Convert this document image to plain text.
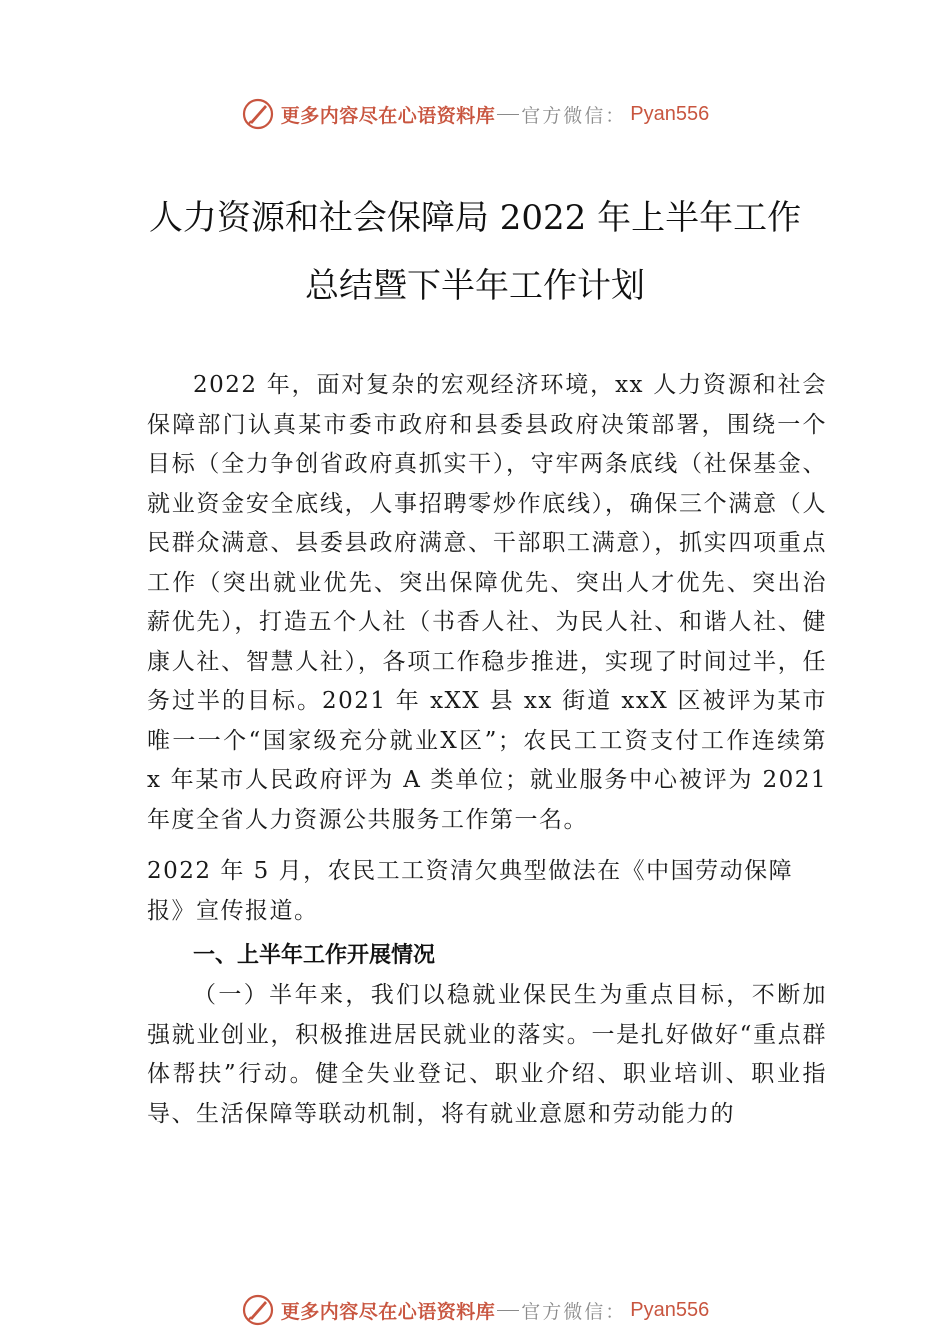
更多内容尽在心语资料库 官方微信： Pyan556
人力资源和社会保障局 2022 年上半年工作
总结暨下半年工作计划
2022 年，面对复杂的宏观经济环境，xx 人力资源和社会保障部门认真某市委市政府和县委县政府决策部署，围绕一个目标（全力争创省政府真抓实干），守牢两条底线（社保基金、就业资金安全底线，人事招聘零炒作底线），确保三个满意（人民群众满意、县委县政府满意、干部职工满意），抓实四项重点工作（突出就业优先、突出保障优先、突出人才优先、突出治薪优先），打造五个人社（书香人社、为民人社、和谐人社、健康人社、智慧人社），各项工作稳步推进，实现了时间过半，任务过半的目标。2021 年 xXX 县 xx 街道 xxX 区被评为某市唯一一个“国家级充分就业Ⅹ区”；农民工工资支付工作连续第 x 年某市人民政府评为 A 类单位；就业服务中心被评为 2021 年度全省人力资源公共服务工作第一名。
2022 年 5 月，农民工工资清欠典型做法在《中国劳动保障报》宣传报道。
一、上半年工作开展情况
（一）半年来，我们以稳就业保民生为重点目标，不断加强就业创业，积极推进居民就业的落实。一是扎好做好“重点群体帮扶”行动。健全失业登记、职业介绍、职业培训、职业指导、生活保障等联动机制，将有就业意愿和劳动能力的
更多内容尽在心语资料库 官方微信： Pyan556
